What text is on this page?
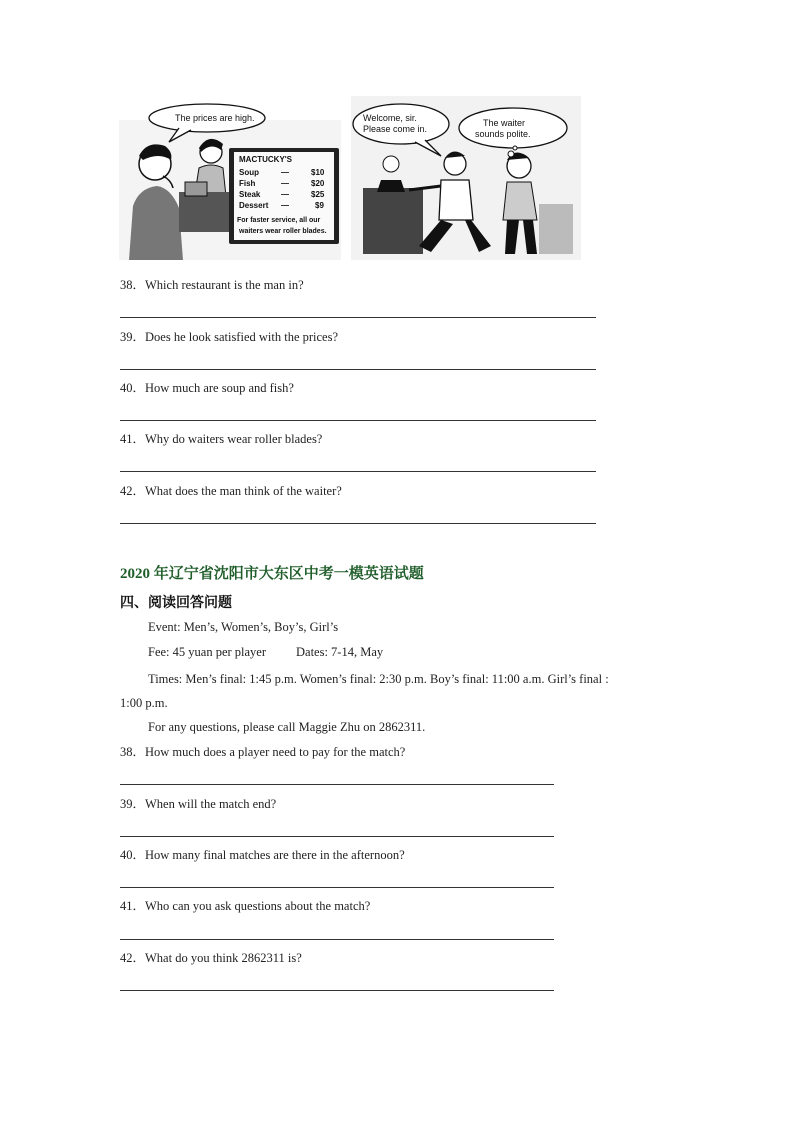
The prices are high.
MACTUCKY'S
Soup	—	$10
Fish	—	$20
Steak	—	$25
Dessert —	$9
For faster service, all our
waiters wear roller blades.
Welcome, sir.
Please come in.
The waiter
sounds polite.
38．Which restaurant is the man in?
39．Does he look satisfied with the prices?
40．How much are soup and fish?
41．Why do waiters wear roller blades?
42．What does the man think of the waiter?
2020 年辽宁省沈阳市大东区中考一模英语试题
四、阅读回答问题
Event: Men’s, Women’s, Boy’s, Girl’s
Fee: 45 yuan per player Dates: 7-14, May
Times: Men’s final: 1:45 p.m. Women’s final: 2:30 p.m. Boy’s final: 11:00 a.m. Girl’s final :
1:00 p.m.
For any questions, please call Maggie Zhu on 2862311.
38．How much does a player need to pay for the match?
39．When will the match end?
40．How many final matches are there in the afternoon?
41．Who can you ask questions about the match?
42．What do you think 2862311 is?
